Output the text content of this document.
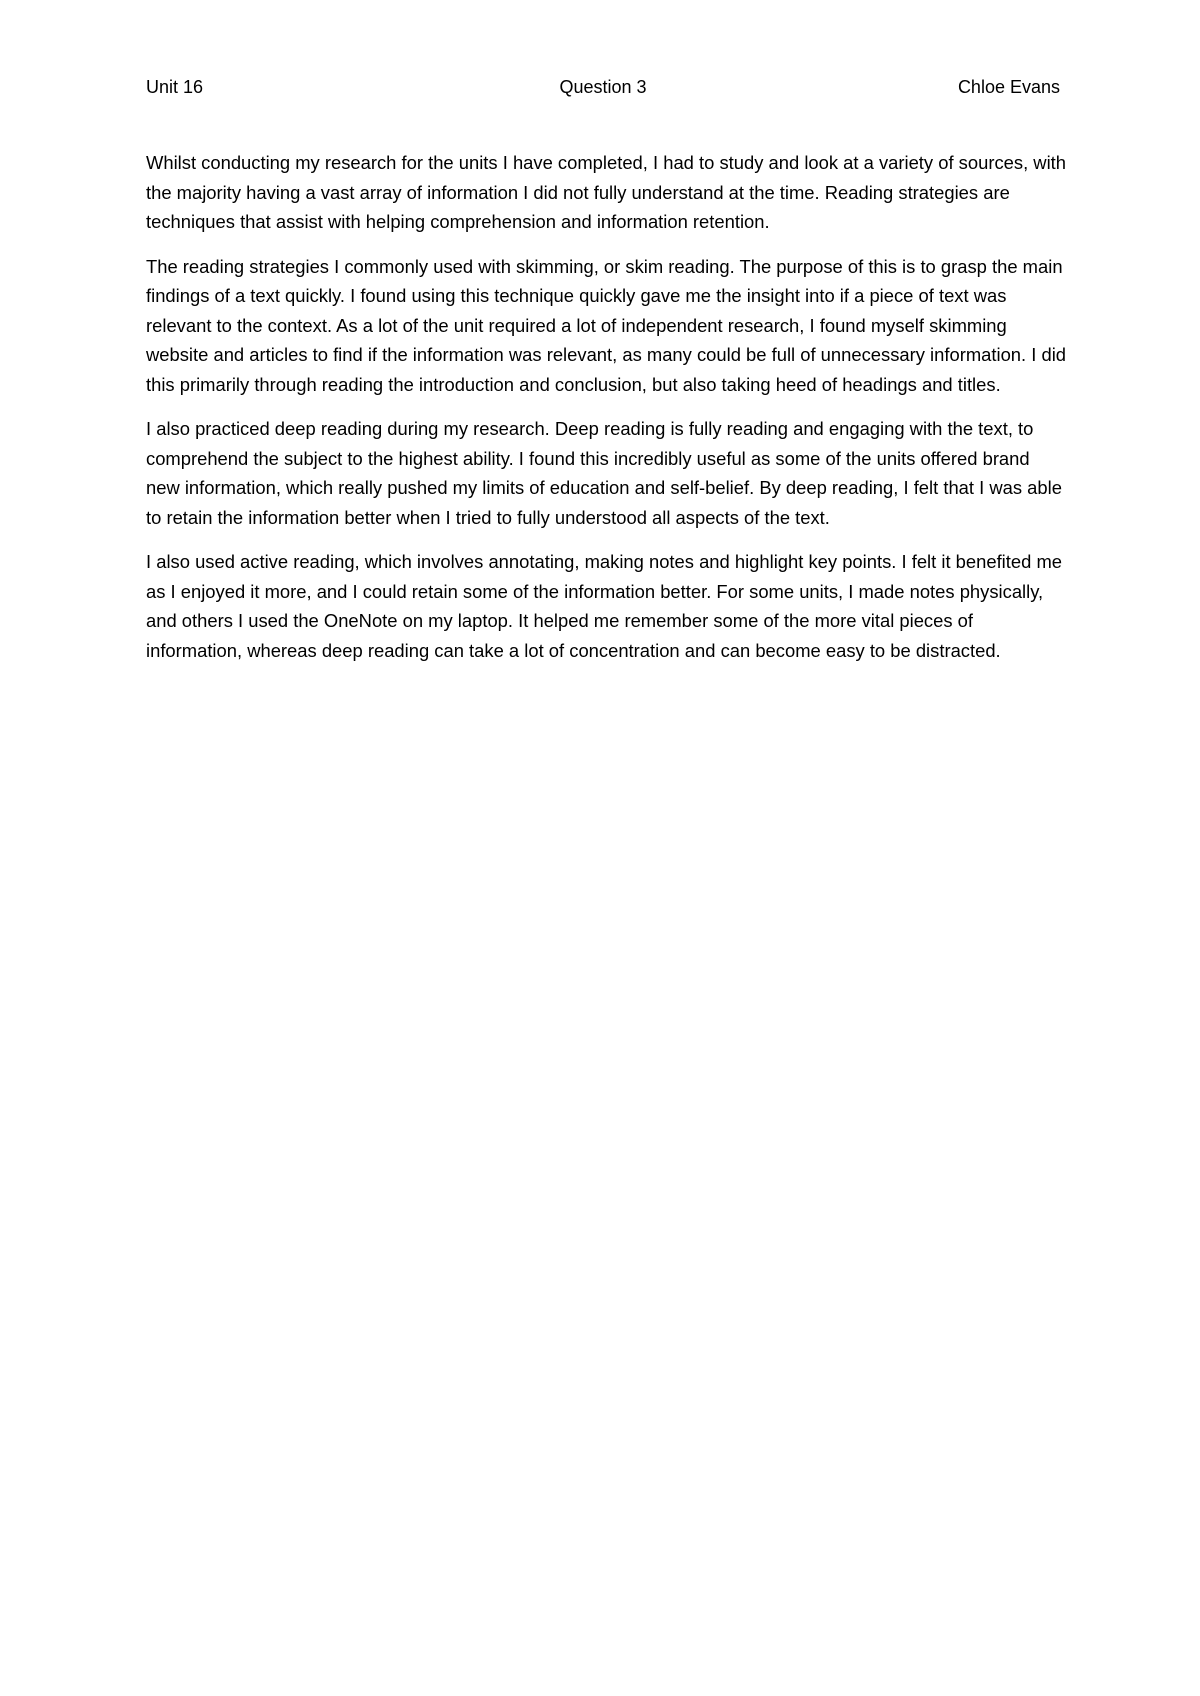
Question 3
Unit 16	Chloe Evans

Whilst conducting my research for the units I have completed, I had to study and look at a variety of sources, with the majority having a vast array of information I did not fully understand at the time. Reading strategies are techniques that assist with helping comprehension and information retention.

The reading strategies I commonly used with skimming, or skim reading. The purpose of this is to grasp the main findings of a text quickly. I found using this technique quickly gave me the insight into if a piece of text was relevant to the context. As a lot of the unit required a lot of independent research, I found myself skimming website and articles to find if the information was relevant, as many could be full of unnecessary information. I did this primarily through reading the introduction and conclusion, but also taking heed of headings and titles.

I also practiced deep reading during my research. Deep reading is fully reading and engaging with the text, to comprehend the subject to the highest ability. I found this incredibly useful as some of the units offered brand new information, which really pushed my limits of education and self-belief. By deep reading, I felt that I was able to retain the information better when I tried to fully understood all aspects of the text.

I also used active reading, which involves annotating, making notes and highlight key points. I felt it benefited me as I enjoyed it more, and I could retain some of the information better. For some units, I made notes physically, and others I used the OneNote on my laptop. It helped me remember some of the more vital pieces of information, whereas deep reading can take a lot of concentration and can become easy to be distracted.
